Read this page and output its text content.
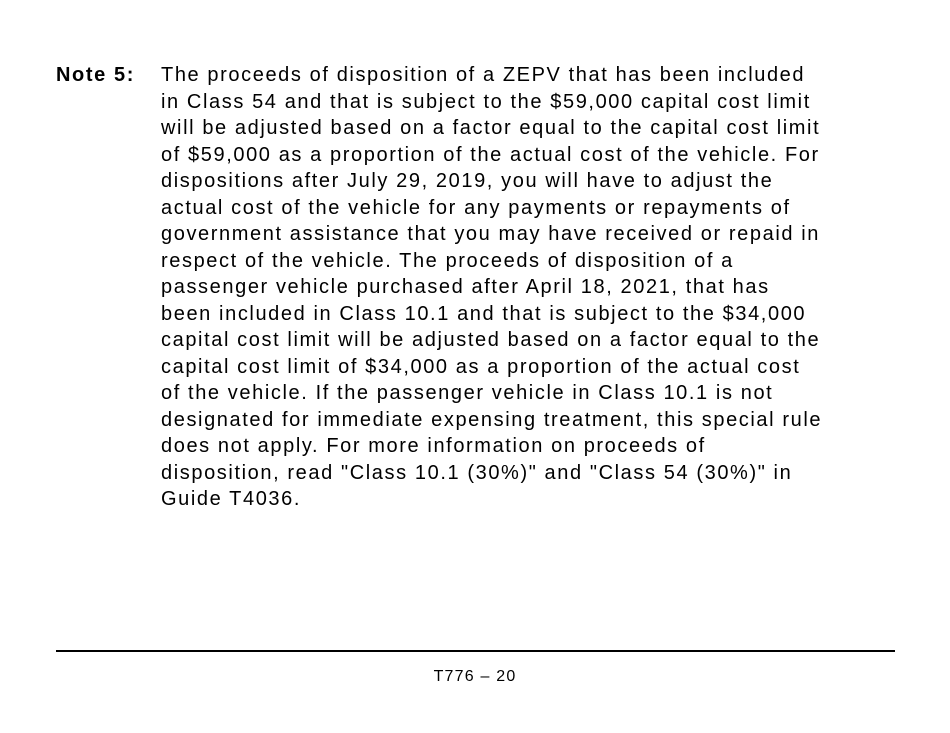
Note 5: The proceeds of disposition of a ZEPV that has been included
in Class 54 and that is subject to the $59,000 capital cost limit
will be adjusted based on a factor equal to the capital cost limit
of $59,000 as a proportion of the actual cost of the vehicle. For
dispositions after July 29, 2019, you will have to adjust the
actual cost of the vehicle for any payments or repayments of
government assistance that you may have received or repaid in
respect of the vehicle. The proceeds of disposition of a
passenger vehicle purchased after April 18, 2021, that has
been included in Class 10.1 and that is subject to the $34,000
capital cost limit will be adjusted based on a factor equal to the
capital cost limit of $34,000 as a proportion of the actual cost
of the vehicle. If the passenger vehicle in Class 10.1 is not
designated for immediate expensing treatment, this special rule
does not apply. For more information on proceeds of
disposition, read "Class 10.1 (30%)" and "Class 54 (30%)" in
Guide T4036.
T776 – 20
